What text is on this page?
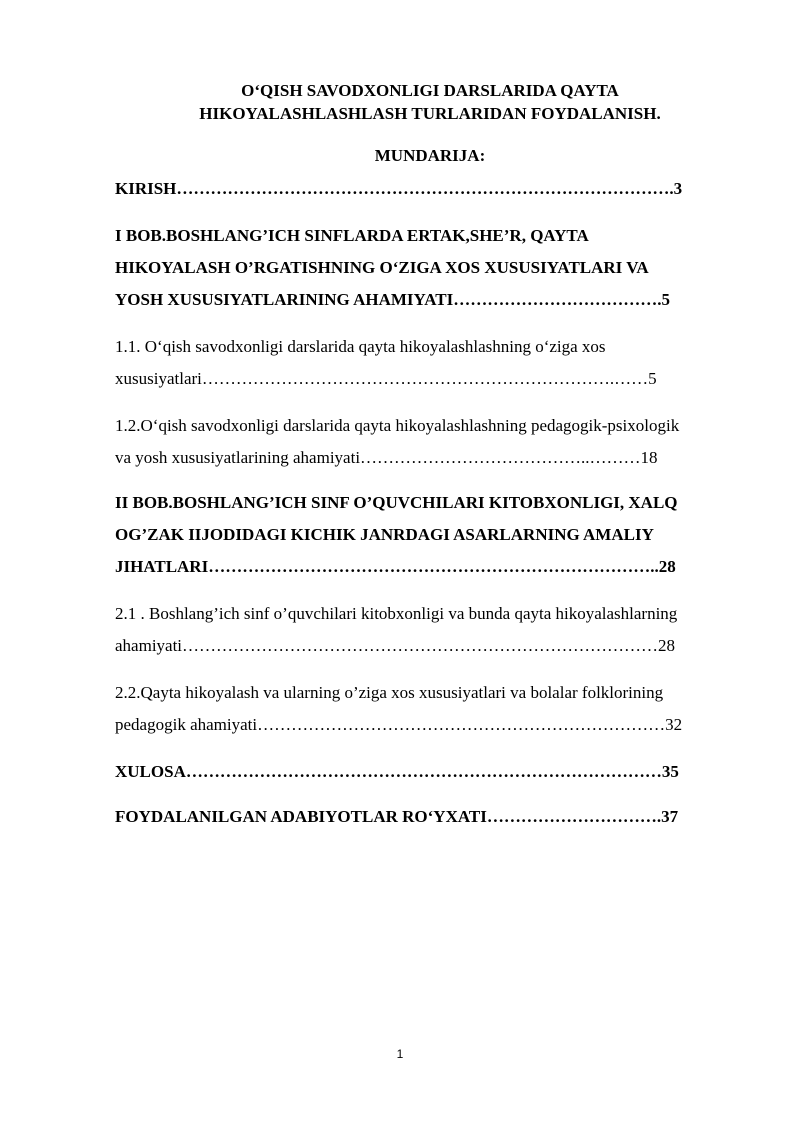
O‘QISH SAVODXONLIGI DARSLARIDA QAYTA
HIKOYALASHLASHLASH TURLARIDAN FOYDALANISH.
MUNDARIJA:
KIRISH…………………………………………………………………………….3
I BOB.BOSHLANG’ICH SINFLARDA ERTAK,SHE’R, QAYTA
HIKOYALASH O’RGATISHNING O‘ZIGA XOS XUSUSIYATLARI VA
YOSH XUSUSIYATLARINING AHAMIYATI……………………………….5
1.1. O‘qish savodxonligi darslarida qayta hikoyalashlashning o‘ziga xos
xususiyatlari……………………………………………………………….……5
1.2.O‘qish savodxonligi darslarida qayta hikoyalashlashning pedagogik-psixologik
va yosh xususiyatlarining ahamiyati…………………………………..………18
II BOB.BOSHLANG’ICH SINF O’QUVCHILARI KITOBXONLIGI, XALQ
OG’ZAK IIJODIDAGI KICHIK JANRDAGI ASARLARNING AMALIY
JIHATLARI……………………………………………………………………..28
2.1 . Boshlang’ich sinf o’quvchilari kitobxonligi va bunda qayta hikoyalashlarning
ahamiyati…………………………………………………………………………28
2.2.Qayta hikoyalash va ularning o’ziga xos xususiyatlari va bolalar folklorining
pedagogik ahamiyati………………………………………………………………32
XULOSA…………………………………………………………………………35
FOYDALANILGAN ADABIYOTLAR RO‘YXATI………………………….37
1
